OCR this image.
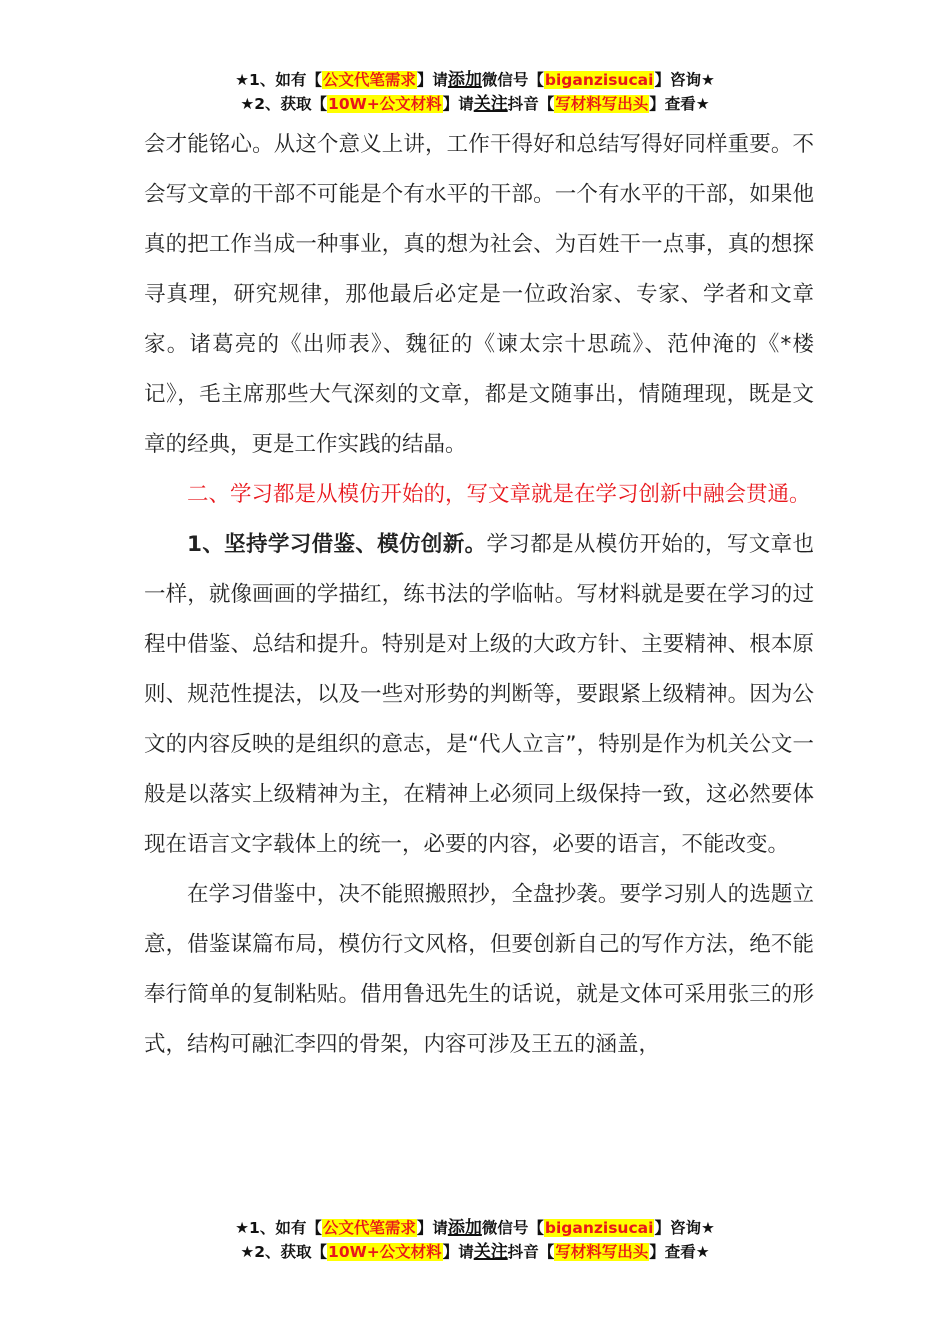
★1、如有【公文代笔需求】请添加微信号【biganzisucai】咨询★
★2、获取【10W+公文材料】请关注抖音【写材料写出头】查看★

会才能铭心。从这个意义上讲，工作干得好和总结写得好同样重要。不会写文章的干部不可能是个有水平的干部。一个有水平的干部，如果他真的把工作当成一种事业，真的想为社会、为百姓干一点事，真的想探寻真理，研究规律，那他最后必定是一位政治家、专家、学者和文章家。诸葛亮的《出师表》、魏征的《谏太宗十思疏》、范仲淹的《*楼记》，毛主席那些大气深刻的文章，都是文随事出，情随理现，既是文章的经典，更是工作实践的结晶。

二、学习都是从模仿开始的，写文章就是在学习创新中融会贯通。

1、坚持学习借鉴、模仿创新。学习都是从模仿开始的，写文章也一样，就像画画的学描红，练书法的学临帖。写材料就是要在学习的过程中借鉴、总结和提升。特别是对上级的大政方针、主要精神、根本原则、规范性提法，以及一些对形势的判断等，要跟紧上级精神。因为公文的内容反映的是组织的意志，是“代人立言”，特别是作为机关公文一般是以落实上级精神为主，在精神上必须同上级保持一致，这必然要体现在语言文字载体上的统一，必要的内容，必要的语言，不能改变。

在学习借鉴中，决不能照搬照抄，全盘抄袭。要学习别人的选题立意，借鉴谋篇布局，模仿行文风格，但要创新自己的写作方法，绝不能奉行简单的复制粘贴。借用鲁迅先生的话说，就是文体可采用张三的形式，结构可融汇李四的骨架，内容可涉及王五的涵盖，

★1、如有【公文代笔需求】请添加微信号【biganzisucai】咨询★
★2、获取【10W+公文材料】请关注抖音【写材料写出头】查看★
